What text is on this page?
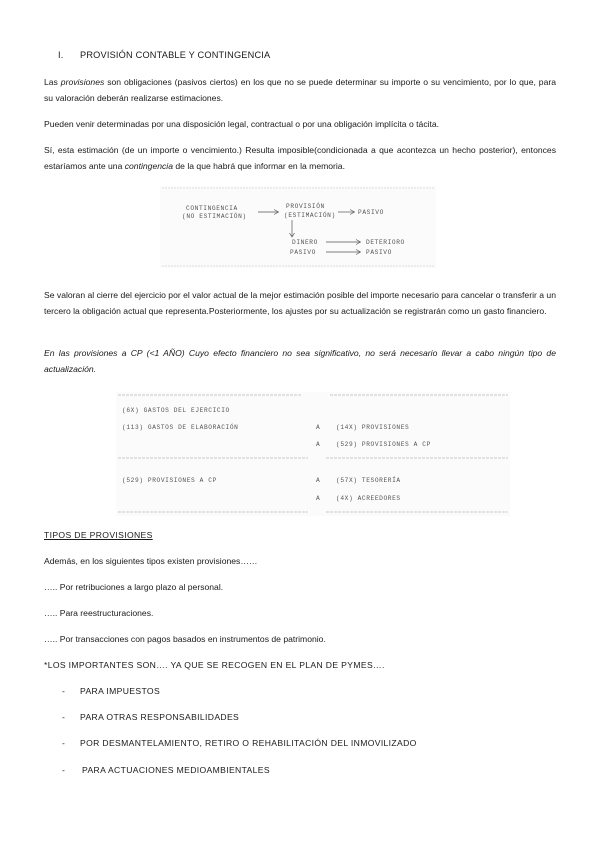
I. PROVISIÓN CONTABLE Y CONTINGENCIA
Las provisiones son obligaciones (pasivos ciertos) en los que no se puede determinar su importe o su vencimiento, por lo que, para su valoración deberán realizarse estimaciones.
Pueden venir determinadas por una disposición legal, contractual o por una obligación implícita o tácita.
Sí, esta estimación (de un importe o vencimiento.) Resulta imposible(condicionada a que acontezca un hecho posterior), entonces estaríamos ante una contingencia de la que habrá que informar en la memoria.
CONTINGENCIA
(NO ESTIMACIÓN)
PROVISIÓN
(ESTIMACIÓN)	PASIVO
DINERO
PASIVO
DETERIORO
PASIVO
Se valoran al cierre del ejercicio por el valor actual de la mejor estimación posible del importe necesario para cancelar o transferir a un tercero la obligación actual que representa.Posteriormente, los ajustes por su actualización se registrarán como un gasto financiero.
En las provisiones a CP (<1 AÑO) Cuyo efecto financiero no sea significativo, no será necesario llevar a cabo ningún tipo de actualización.
(6X) GASTOS DEL EJERCICIO
(113) GASTOS DE ELABORACIÓN	A	(14X) PROVISIONES
A	(529) PROVISIONES A CP
(529) PROVISIONES A CP	A	(57X) TESORERÍA
A	(4X) ACREEDORES
TIPOS DE PROVISIONES
Además, en los siguientes tipos existen provisiones……
….. Por retribuciones a largo plazo al personal.
….. Para reestructuraciones.
….. Por transacciones con pagos basados en instrumentos de patrimonio.
*LOS IMPORTANTES SON…. YA QUE SE RECOGEN EN EL PLAN DE PYMES….
- PARA IMPUESTOS
- PARA OTRAS RESPONSABILIDADES
- POR DESMANTELAMIENTO, RETIRO O REHABILITACIÓN DEL INMOVILIZADO
- PARA ACTUACIONES MEDIOAMBIENTALES
